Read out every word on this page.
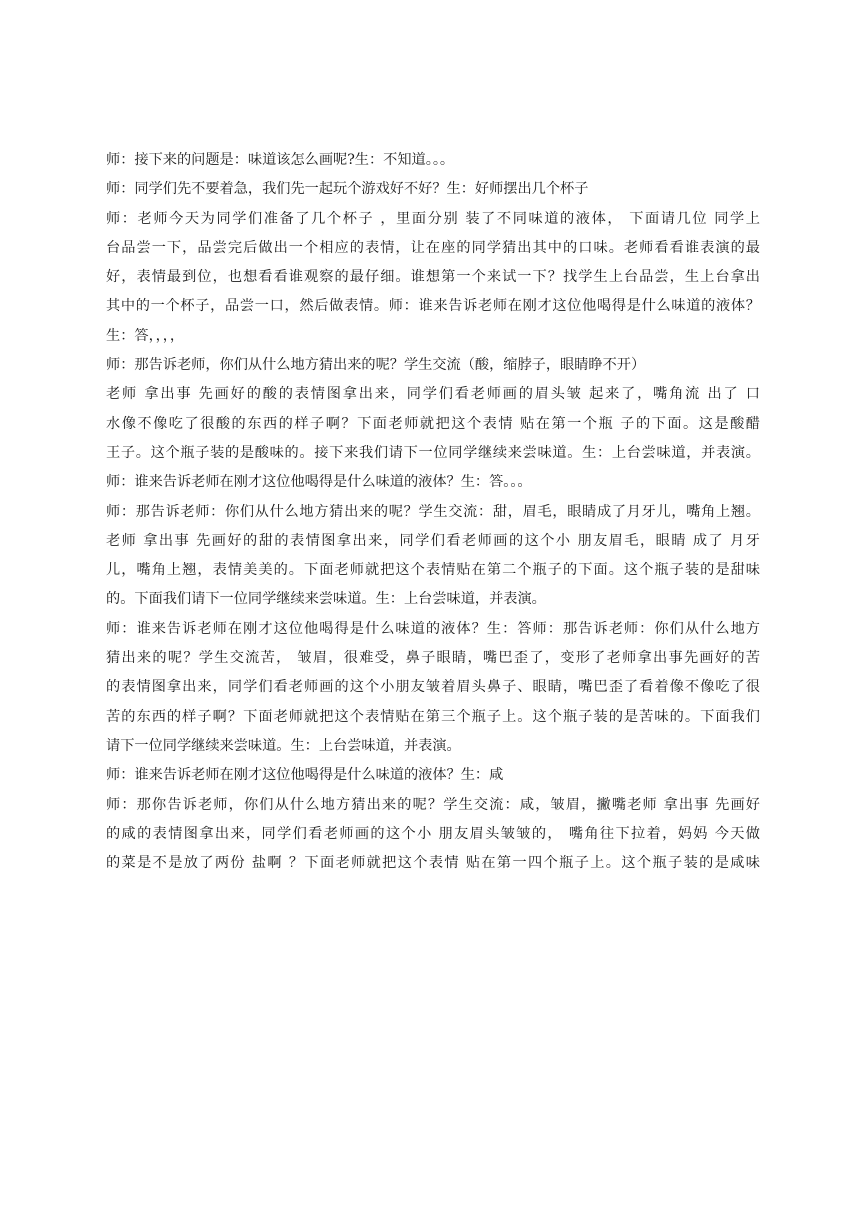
师：接下来的问题是：味道该怎么画呢?生：不知道。。。
师：同学们先不要着急，我们先一起玩个游戏好不好？生：好师摆出几个杯子
师：老师今天为同学们准备了几个杯子 ，里面分别 装了不同味道的液体， 下面请几位 同学上
台品尝一下，品尝完后做出一个相应的表情，让在座的同学猜出其中的口味。老师看看谁表演的最
好，表情最到位，也想看看谁观察的最仔细。谁想第一个来试一下？找学生上台品尝，生上台拿出
其中的一个杯子，品尝一口，然后做表情。师：谁来告诉老师在刚才这位他喝得是什么味道的液体？
生：答，，，，
师：那告诉老师，你们从什么地方猜出来的呢？学生交流（酸，缩脖子，眼睛睁不开）
老师 拿出事 先画好的酸的表情图拿出来，同学们看老师画的眉头皱 起来了，嘴角流 出了 口
水像不像吃了很酸的东西的样子啊？下面老师就把这个表情 贴在第一个瓶 子的下面。这是酸醋
王子。这个瓶子装的是酸味的。接下来我们请下一位同学继续来尝味道。生：上台尝味道，并表演。
师：谁来告诉老师在刚才这位他喝得是什么味道的液体？生：答。。。
师：那告诉老师：你们从什么地方猜出来的呢？学生交流：甜，眉毛，眼睛成了月牙儿，嘴角上翘。
老师 拿出事 先画好的甜的表情图拿出来，同学们看老师画的这个小 朋友眉毛，眼睛 成了 月牙
儿，嘴角上翘，表情美美的。下面老师就把这个表情贴在第二个瓶子的下面。这个瓶子装的是甜味
的。下面我们请下一位同学继续来尝味道。生：上台尝味道，并表演。
师：谁来告诉老师在刚才这位他喝得是什么味道的液体？生：答师：那告诉老师：你们从什么地方
猜出来的呢？学生交流苦， 皱眉，很难受，鼻子眼睛，嘴巴歪了，变形了老师拿出事先画好的苦
的表情图拿出来，同学们看老师画的这个小朋友皱着眉头鼻子、眼睛，嘴巴歪了看着像不像吃了很
苦的东西的样子啊？下面老师就把这个表情贴在第三个瓶子上。这个瓶子装的是苦味的。下面我们
请下一位同学继续来尝味道。生：上台尝味道，并表演。
师：谁来告诉老师在刚才这位他喝得是什么味道的液体？生：咸
师：那你告诉老师，你们从什么地方猜出来的呢？学生交流：咸，皱眉，撇嘴老师 拿出事 先画好
的咸的表情图拿出来，同学们看老师画的这个小 朋友眉头皱皱的， 嘴角往下拉着，妈妈 今天做
的菜是不是放了两份 盐啊 ？下面老师就把这个表情 贴在第一四个瓶子上。这个瓶子装的是咸味
